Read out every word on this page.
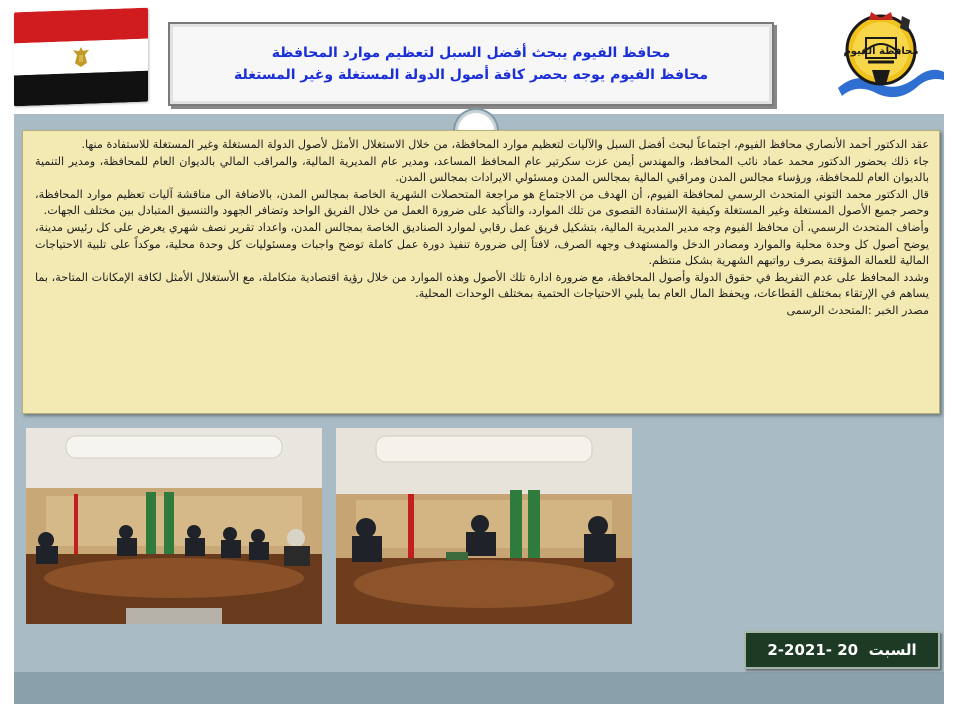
محافظ الفيوم يبحث أفضل السبل لتعظيم موارد المحافظة
محافظ الفيوم يوجه بحصر كافة أصول الدولة المستغلة وغير المستغلة
محافظة الفيوم

عقد الدكتور أحمد الأنصاري محافظ الفيوم، اجتماعاً لبحث أفضل السبل والآليات لتعظيم موارد المحافظة، من خلال الاستغلال الأمثل لأصول الدولة المستغلة وغير المستغلة للاستفادة منها.

جاء ذلك بحضور الدكتور محمد عماد نائب المحافظ، والمهندس أيمن عزت سكرتير عام المحافظ المساعد، ومدير عام المديرية المالية، والمراقب المالي بالديوان العام للمحافظة، ومدير التنمية بالديوان العام للمحافظة، ورؤساء مجالس المدن ومراقبي المالية بمجالس المدن ومسئولي الايرادات بمجالس المدن.

قال الدكتور محمد التوني المتحدث الرسمي لمحافظة الفيوم، أن الهدف من الاجتماع هو مراجعة المتحصلات الشهرية الخاصة بمجالس المدن، بالاضافة الى مناقشة آليات تعظيم موارد المحافظة، وحصر جميع الأصول المستغلة وغير المستغلة وكيفية الإستفادة القصوى من تلك الموارد، والتأكيد على ضرورة العمل من خلال الفريق الواحد وتضافر الجهود والتنسيق المتبادل بين مختلف الجهات.

وأضاف المتحدث الرسمي، أن محافظ الفيوم وجه مدير المديرية المالية، بتشكيل فريق عمل رقابي لموارد الصناديق الخاصة بمجالس المدن، واعداد تقرير نصف شهري يعرض على كل رئيس مدينة، يوضح أصول كل وحدة محلية والموارد ومصادر الدخل والمستهدف وجهه الصرف، لافتاً إلى ضرورة تنفيذ دورة عمل كاملة توضح واجبات ومسئوليات كل وحدة محلية، موكداً على تلبية الاحتياجات المالية للعمالة المؤقتة بصرف رواتبهم الشهرية بشكل منتظم.

وشدد المحافظ على عدم التفريط في حقوق الدولة وأصول المحافظة، مع ضرورة ادارة تلك الأصول وهذه الموارد من خلال رؤية اقتصادية متكاملة، مع الأستغلال الأمثل لكافة الإمكانات المتاحة، بما يساهم في الإرتقاء بمختلف القطاعات، ويحفظ المال العام بما يلبي الاحتياجات الحتمية بمختلف الوحدات المحلية.

مصدر الخبر :المتحدث الرسمى

السبت

20 -2-2021
